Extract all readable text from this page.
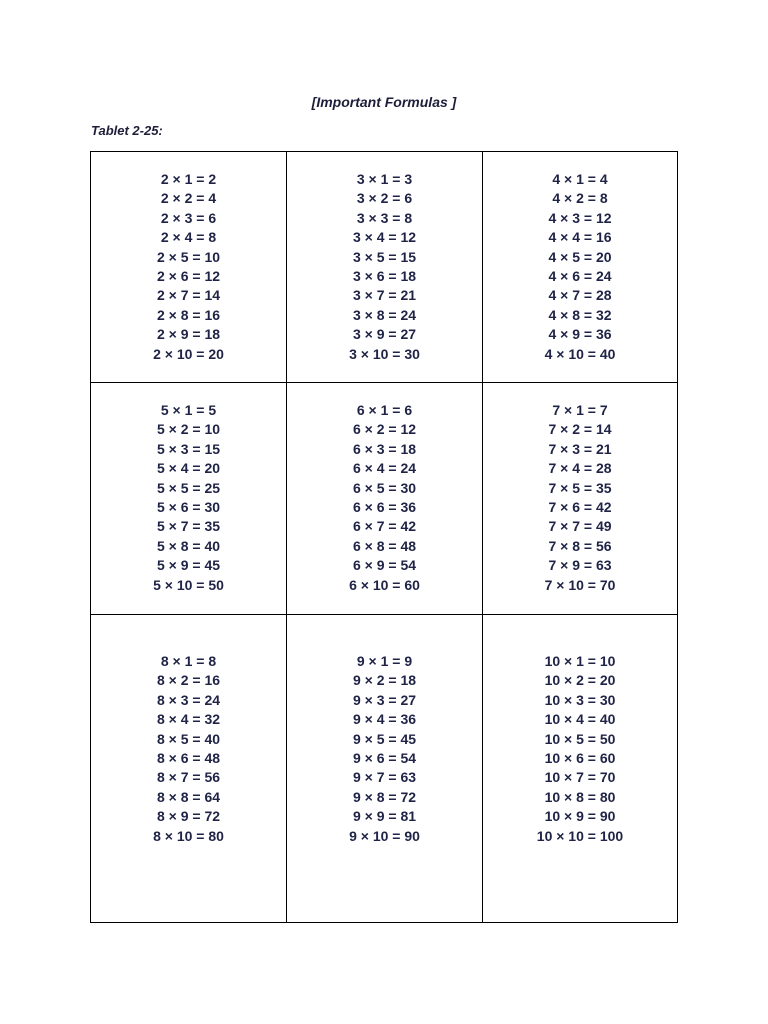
[Important Formulas ]
Tablet 2-25:
2 × 1 = 2
2 × 2 = 4
2 × 3 = 6
2 × 4 = 8
2 × 5 = 10
2 × 6 = 12
2 × 7 = 14
2 × 8 = 16
2 × 9 = 18
2 × 10 = 20
3 × 1 = 3
3 × 2 = 6
3 × 3 = 8
3 × 4 = 12
3 × 5 = 15
3 × 6 = 18
3 × 7 = 21
3 × 8 = 24
3 × 9 = 27
3 × 10 = 30
4 × 1 = 4
4 × 2 = 8
4 × 3 = 12
4 × 4 = 16
4 × 5 = 20
4 × 6 = 24
4 × 7 = 28
4 × 8 = 32
4 × 9 = 36
4 × 10 = 40
5 × 1 = 5
5 × 2 = 10
5 × 3 = 15
5 × 4 = 20
5 × 5 = 25
5 × 6 = 30
5 × 7 = 35
5 × 8 = 40
5 × 9 = 45
5 × 10 = 50
6 × 1 = 6
6 × 2 = 12
6 × 3 = 18
6 × 4 = 24
6 × 5 = 30
6 × 6 = 36
6 × 7 = 42
6 × 8 = 48
6 × 9 = 54
6 × 10 = 60
7 × 1 = 7
7 × 2 = 14
7 × 3 = 21
7 × 4 = 28
7 × 5 = 35
7 × 6 = 42
7 × 7 = 49
7 × 8 = 56
7 × 9 = 63
7 × 10 = 70
8 × 1 = 8
8 × 2 = 16
8 × 3 = 24
8 × 4 = 32
8 × 5 = 40
8 × 6 = 48
8 × 7 = 56
8 × 8 = 64
8 × 9 = 72
8 × 10 = 80
9 × 1 = 9
9 × 2 = 18
9 × 3 = 27
9 × 4 = 36
9 × 5 = 45
9 × 6 = 54
9 × 7 = 63
9 × 8 = 72
9 × 9 = 81
9 × 10 = 90
10 × 1 = 10
10 × 2 = 20
10 × 3 = 30
10 × 4 = 40
10 × 5 = 50
10 × 6 = 60
10 × 7 = 70
10 × 8 = 80
10 × 9 = 90
10 × 10 = 100
